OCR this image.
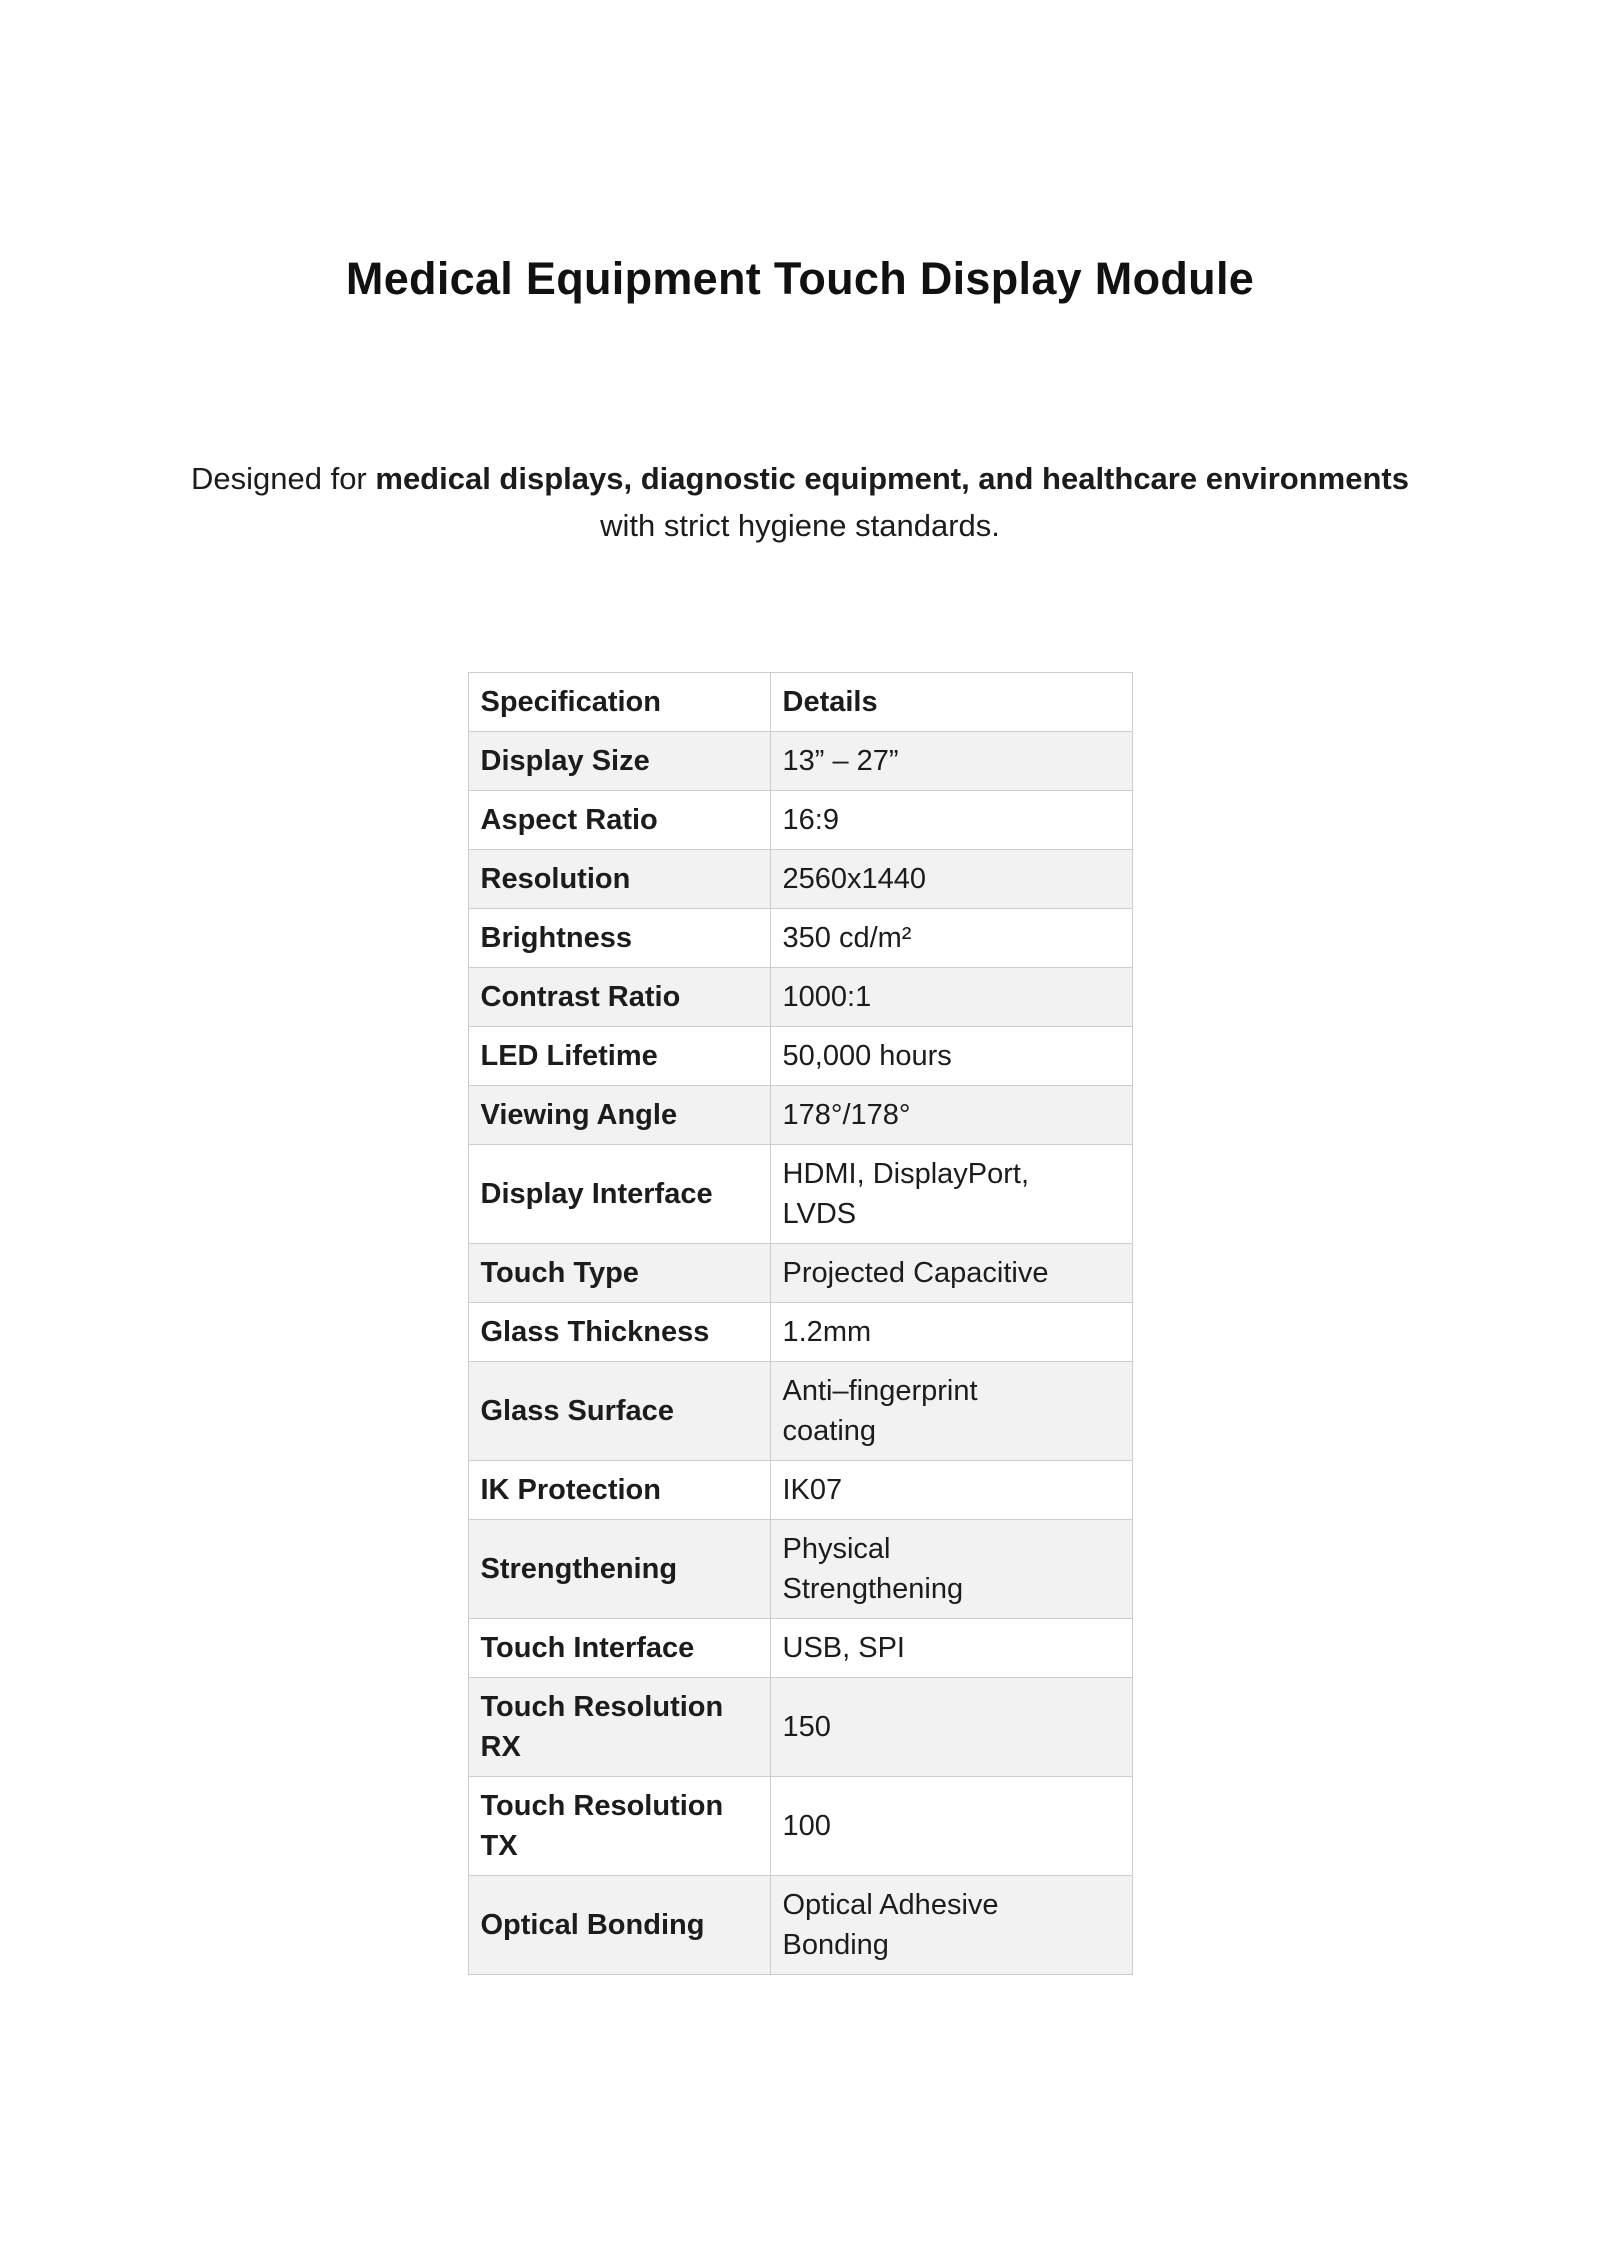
Medical Equipment Touch Display Module

Designed for medical displays, diagnostic equipment, and healthcare environments with strict hygiene standards.

Specification	Details
Display Size	13” – 27”
Aspect Ratio	16:9
Resolution	2560x1440
Brightness	350 cd/m²
Contrast Ratio	1000:1
LED Lifetime	50,000 hours
Viewing Angle	178°/178°
Display Interface	HDMI, DisplayPort,
LVDS
Touch Type	Projected Capacitive
Glass Thickness	1.2mm
Glass Surface	Anti–fingerprint
coating
IK Protection	IK07
Strengthening	Physical
Strengthening
Touch Interface	USB, SPI
Touch Resolution
RX	150
Touch Resolution
TX	100
Optical Bonding	Optical Adhesive
Bonding
